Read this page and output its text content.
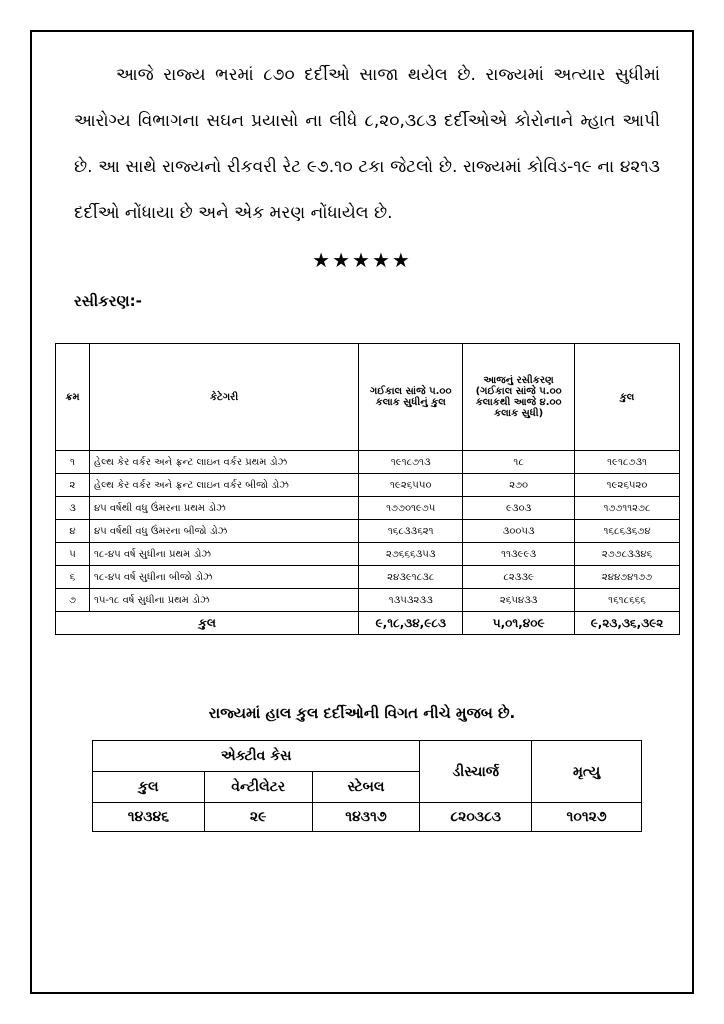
આજે રાજ્ય ભરમાં ૮૭૦ દર્દીઓ સાજા થયેલ છે. રાજ્યમાં અત્યાર સુધીમાં આરોગ્ય વિભાગના સઘન પ્રયાસો ના લીધે ૮,૨૦,૩૮૩ દર્દીઓએ કોરોનાને મ્હાત આપી છે. આ સાથે રાજ્યનો રીકવરી રેટ ૯૭.૧૦ ટકા જેટલો છે. રાજ્યમાં કોવિડ-૧૯ ના ૪૨૧૩ દર્દીઓ નોંધાયા છે અને એક મરણ નોંધાયેલ છે.

★★★★★
રસીકરણ:-
ક્રમ	કેટેગરી	ગઈકાલ સાંજે ૫.૦૦ કલાક સુધીનું કુલ	આજનું રસીકરણ (ગઈકાલ સાંજે ૫.૦૦ કલાકથી આજે ૪.૦૦ કલાક સુધી)	કુલ
૧	હેલ્થ કેર વર્કર અને ફ્રન્ટ લાઇન વર્કર પ્રથમ ડોઝ	૧૯૧૮૭૧૩	૧૮	૧૯૧૮૭૩૧
૨	હેલ્થ કેર વર્કર અને ફ્રન્ટ લાઇન વર્કર બીજો ડોઝ	૧૯૨૬૫૫૦	૨૭૦	૧૯૨૬૫૨૦
૩	૪૫ વર્ષથી વધુ ઉંમરના પ્રથમ ડોઝ	૧૭૭૦૧૯૭૫	૯૩૦૩	૧૭૭૧૧૨૭૮
૪	૪૫ વર્ષથી વધુ ઉંમરના બીજો ડોઝ	૧૬૮૩૩૬૨૧	૩૦૦૫૩	૧૬૮૬૩૬૭૪
૫	૧૮-૪૫ વર્ષ સુધીના પ્રથમ ડોઝ	૨૭૬૬૬૩૫૩	૧૧૩૯૯૩	૨૭૭૮૩૩૪૬
૬	૧૮-૪૫ વર્ષ સુધીના બીજો ડોઝ	૨૪૩૯૧૮૩૮	૮૨૩૩૯	૨૪૪૭૪૧૭૭
૭	૧૫-૧૮ વર્ષ સુધીના પ્રથમ ડોઝ	૧૩૫૩૨૩૩	૨૬૫૪૩૩	૧૬૧૮૬૬૬
કુલ		૯,૧૮,૩૪,૯૮૩	૫,૦૧,૪૦૯	૯,૨૩,૩૬,૩૯૨
રાજ્યમાં હાલ કુલ દર્દીઓની વિગત નીચે મુજબ છે.
એક્ટીવ કેસ			ડીસ્ચાર્જ	મૃત્યુ
કુલ	વેન્ટીલેટર	સ્ટેબલ		
૧૪૩૪૬	૨૯	૧૪૩૧૭	૮૨૦૩૮૩	૧૦૧૨૭
